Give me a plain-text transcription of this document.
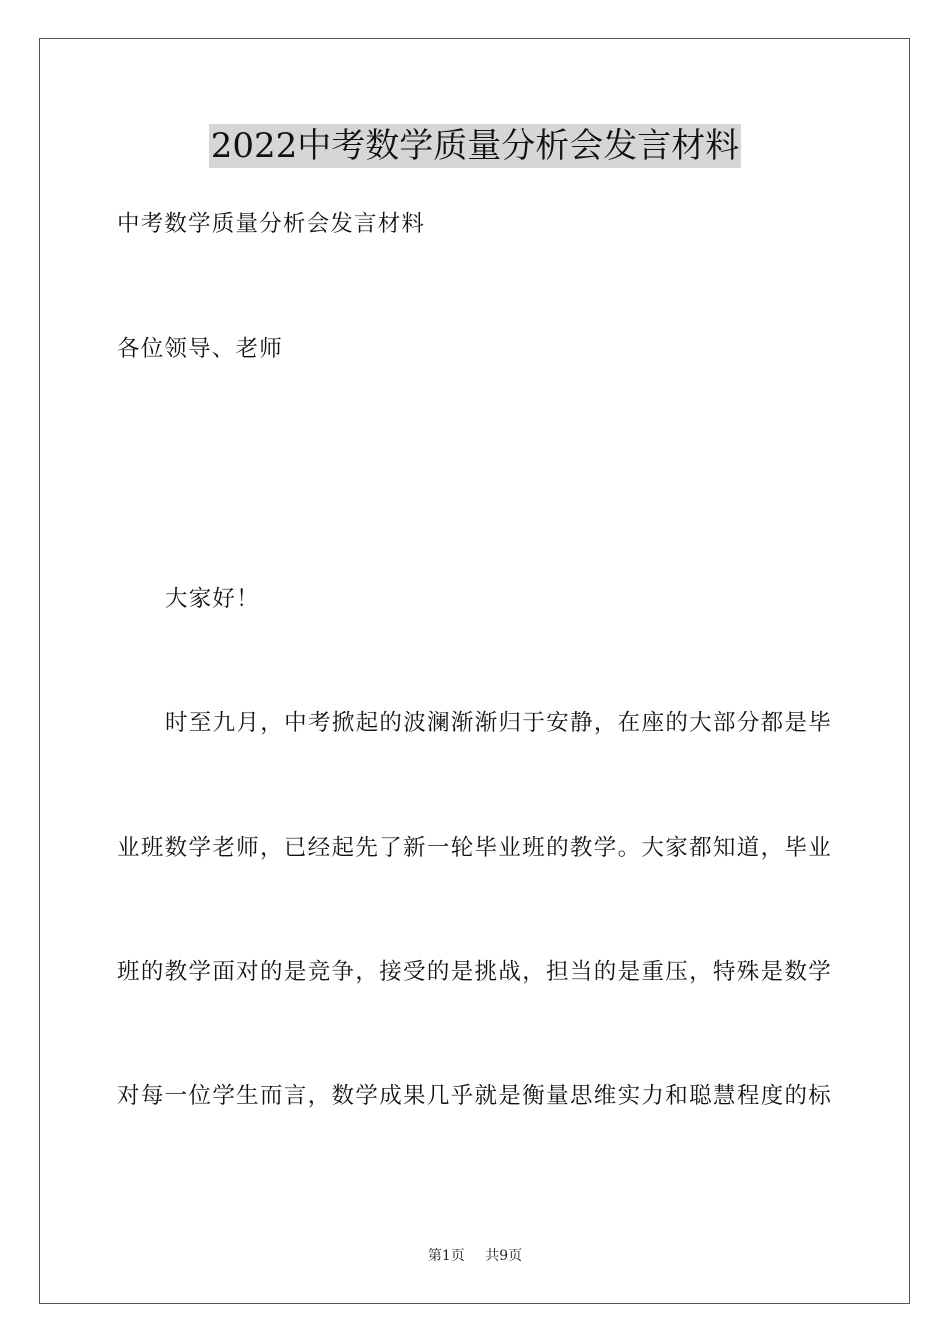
2022中考数学质量分析会发言材料
中考数学质量分析会发言材料
各位领导、老师
大家好！
时至九月，中考掀起的波澜渐渐归于安静，在座的大部分都是毕
业班数学老师，已经起先了新一轮毕业班的教学。大家都知道，毕业
班的教学面对的是竞争，接受的是挑战，担当的是重压，特殊是数学
对每一位学生而言，数学成果几乎就是衡量思维实力和聪慧程度的标
第1页 共9页
